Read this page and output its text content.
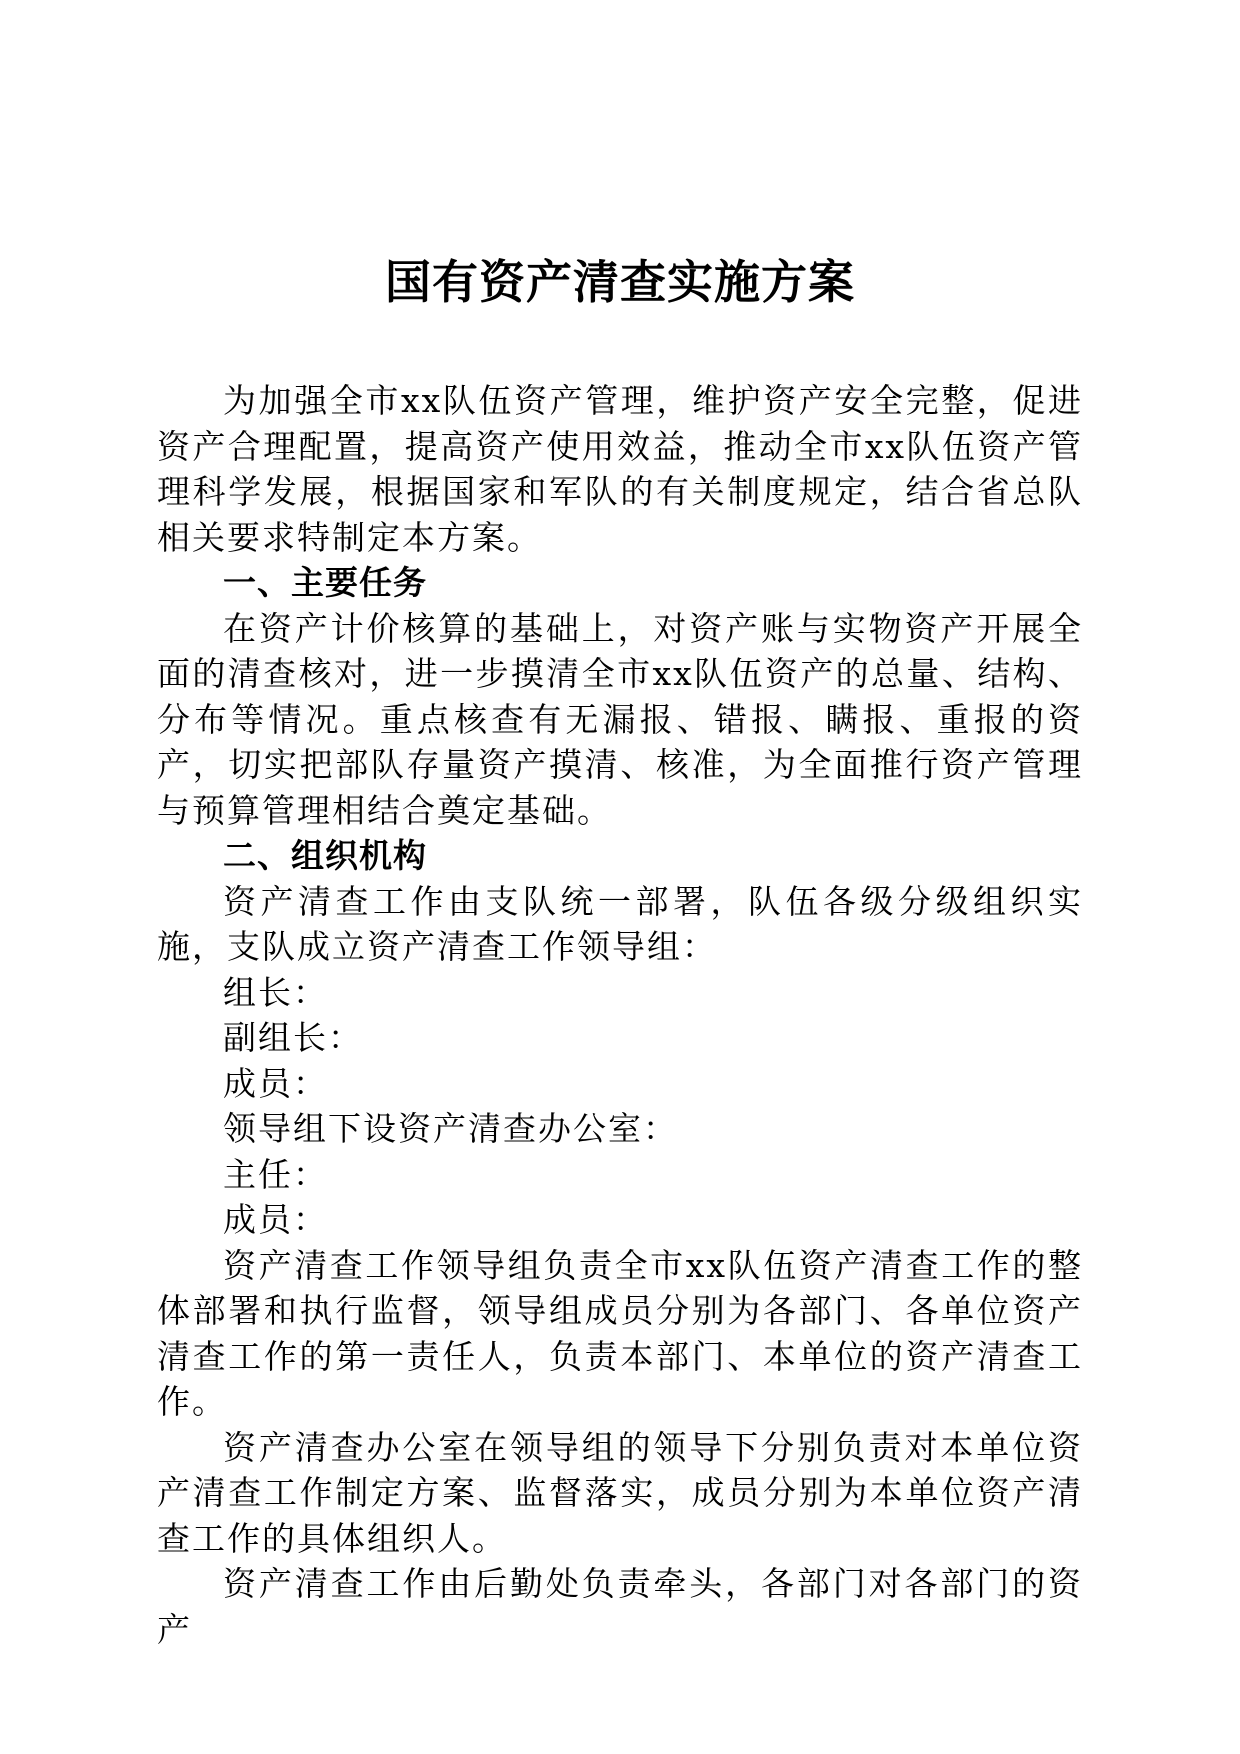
国有资产清查实施方案

为加强全市xx队伍资产管理，维护资产安全完整，促进资产合理配置，提高资产使用效益，推动全市xx队伍资产管理科学发展，根据国家和军队的有关制度规定，结合省总队相关要求特制定本方案。

一、主要任务

在资产计价核算的基础上，对资产账与实物资产开展全面的清查核对，进一步摸清全市xx队伍资产的总量、结构、分布等情况。重点核查有无漏报、错报、瞒报、重报的资产，切实把部队存量资产摸清、核准，为全面推行资产管理与预算管理相结合奠定基础。

二、组织机构

资产清查工作由支队统一部署，队伍各级分级组织实施，支队成立资产清查工作领导组：

组长：

副组长：

成员：

领导组下设资产清查办公室：

主任：

成员：

资产清查工作领导组负责全市xx队伍资产清查工作的整体部署和执行监督，领导组成员分别为各部门、各单位资产清查工作的第一责任人，负责本部门、本单位的资产清查工作。

资产清查办公室在领导组的领导下分别负责对本单位资产清查工作制定方案、监督落实，成员分别为本单位资产清查工作的具体组织人。

资产清查工作由后勤处负责牵头，各部门对各部门的资产
